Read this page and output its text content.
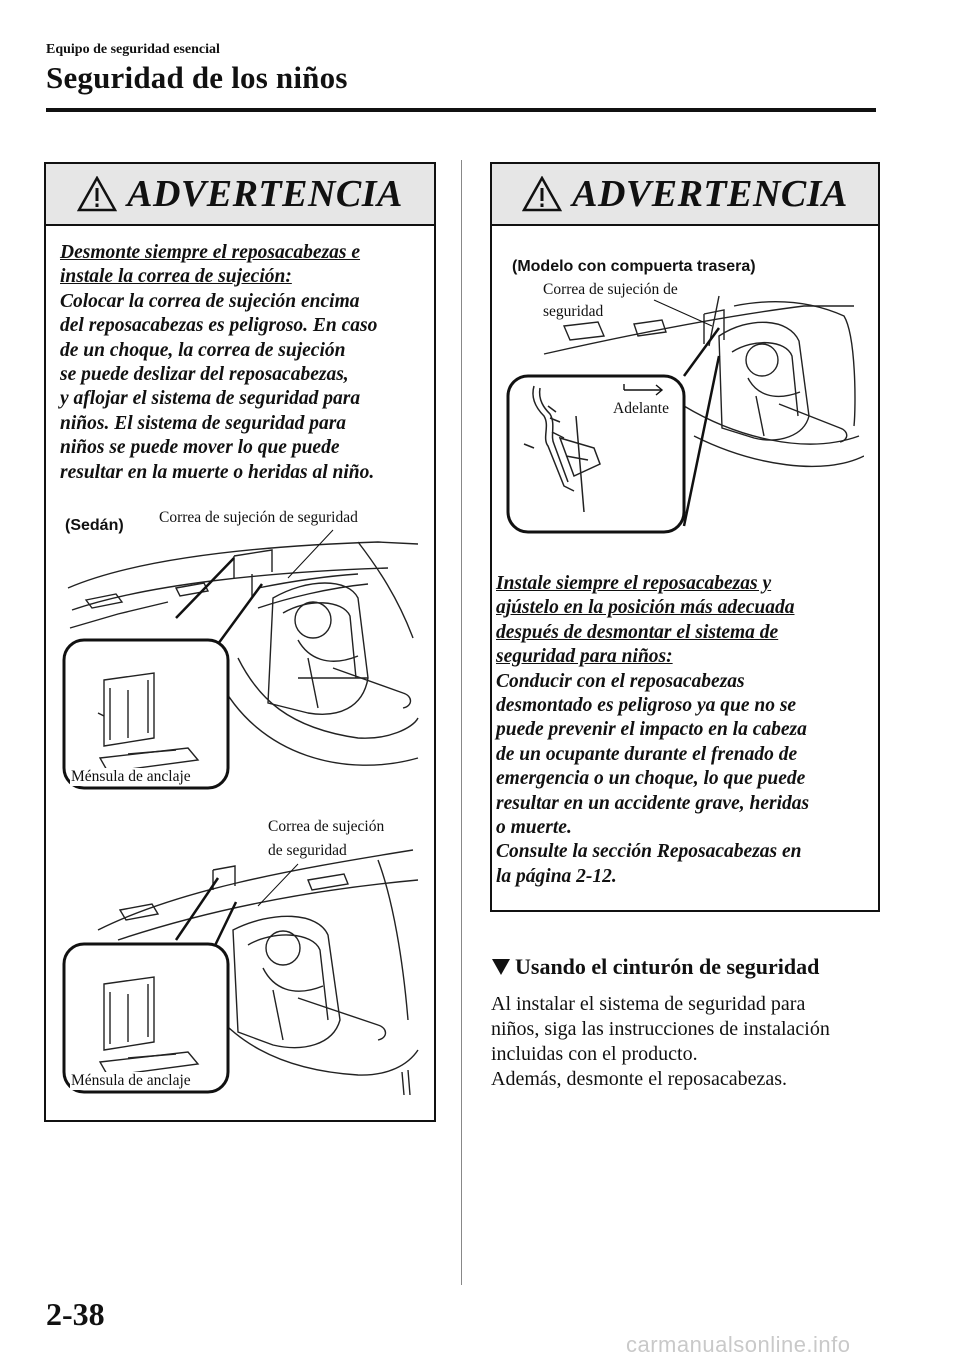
Equipo de seguridad esencial
Seguridad de los niños
ADVERTENCIA
Desmonte siempre el reposacabezas e
instale la correa de sujeción:
Colocar la correa de sujeción encima
del reposacabezas es peligroso. En caso
de un choque, la correa de sujeción
se puede deslizar del reposacabezas,
y aflojar el sistema de seguridad para
niños. El sistema de seguridad para
niños se puede mover lo que puede
resultar en la muerte o heridas al niño.
(Sedán) Correa de sujeción de seguridad
Ménsula de anclaje
Correa de sujeción
de seguridad
Ménsula de anclaje
ADVERTENCIA
(Modelo con compuerta trasera)
Correa de sujeción de
seguridad
Adelante
Instale siempre el reposacabezas y
ajústelo en la posición más adecuada
después de desmontar el sistema de
seguridad para niños:
Conducir con el reposacabezas
desmontado es peligroso ya que no se
puede prevenir el impacto en la cabeza
de un ocupante durante el frenado de
emergencia o un choque, lo que puede
resultar en un accidente grave, heridas
o muerte.
Consulte la sección Reposacabezas en
la página 2-12.
Usando el cinturón de seguridad
Al instalar el sistema de seguridad para
niños, siga las instrucciones de instalación
incluidas con el producto.
Además, desmonte el reposacabezas.
2-38
carmanualsonline.info
